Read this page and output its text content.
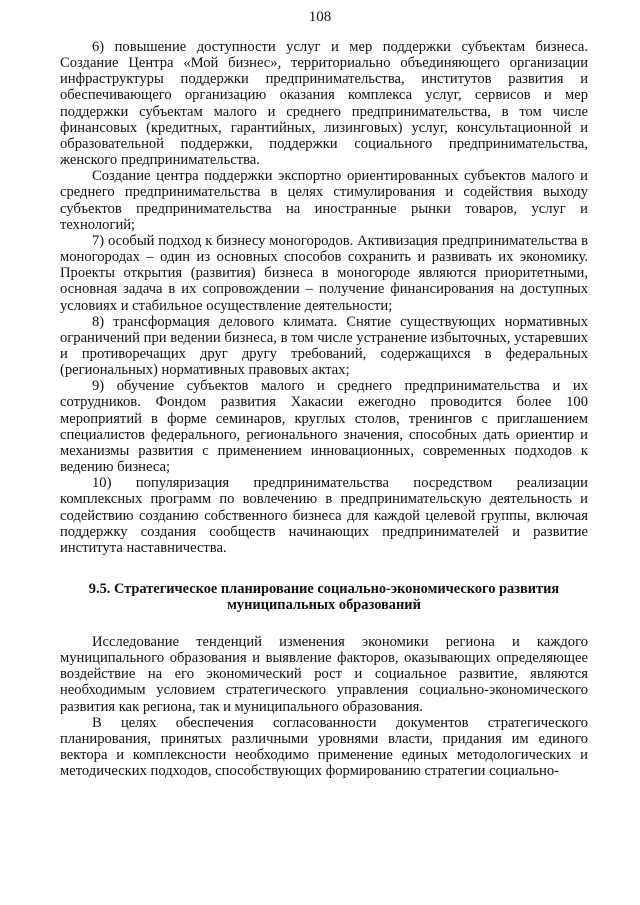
108

6) повышение доступности услуг и мер поддержки субъектам бизнеса. Создание Центра «Мой бизнес», территориально объединяющего организации инфраструктуры поддержки предпринимательства, институтов развития и обеспечивающего организацию оказания комплекса услуг, сервисов и мер поддержки субъектам малого и среднего предпринимательства, в том числе финансовых (кредитных, гарантийных, лизинговых) услуг, консультационной и образовательной поддержки, поддержки социального предпринимательства, женского предпринимательства.

Создание центра поддержки экспортно ориентированных субъектов малого и среднего предпринимательства в целях стимулирования и содействия выходу субъектов предпринимательства на иностранные рынки товаров, услуг и технологий;

7) особый подход к бизнесу моногородов. Активизация предпринимательства в моногородах – один из основных способов сохранить и развивать их экономику. Проекты открытия (развития) бизнеса в моногороде являются приоритетными, основная задача в их сопровождении – получение финансирования на доступных условиях и стабильное осуществление деятельности;

8) трансформация делового климата. Снятие существующих нормативных ограничений при ведении бизнеса, в том числе устранение избыточных, устаревших и противоречащих друг другу требований, содержащихся в федеральных (региональных) нормативных правовых актах;

9) обучение субъектов малого и среднего предпринимательства и их сотрудников. Фондом развития Хакасии ежегодно проводится более 100 мероприятий в форме семинаров, круглых столов, тренингов с приглашением специалистов федерального, регионального значения, способных дать ориентир и механизмы развития с применением инновационных, современных подходов к ведению бизнеса;

10) популяризация предпринимательства посредством реализации комплексных программ по вовлечению в предпринимательскую деятельность и содействию созданию собственного бизнеса для каждой целевой группы, включая поддержку создания сообществ начинающих предпринимателей и развитие института наставничества.

9.5. Стратегическое планирование социально-экономического развития муниципальных образований

Исследование тенденций изменения экономики региона и каждого муниципального образования и выявление факторов, оказывающих определяющее воздействие на его экономический рост и социальное развитие, являются необходимым условием стратегического управления социально-экономического развития как региона, так и муниципального образования.

В целях обеспечения согласованности документов стратегического планирования, принятых различными уровнями власти, придания им единого вектора и комплексности необходимо применение единых методологических и методических подходов, способствующих формированию стратегии социально-
